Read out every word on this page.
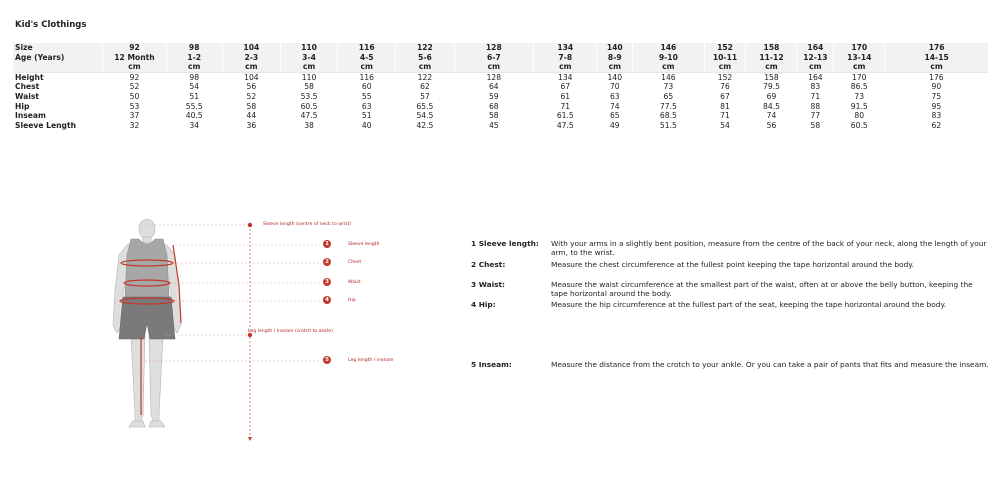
Kid's Clothings
Size	92	98	104	110	116	122	128	134	140	146	152	158	164	170	176
Age (Years)	12 Month	1-2	2-3	3-4	4-5	5-6	6-7	7-8	8-9	9-10	10-11	11-12	12-13	13-14	14-15
	cm	cm	cm	cm	cm	cm	cm	cm	cm	cm	cm	cm	cm	cm	cm
Height	92	98	104	110	116	122	128	134	140	146	152	158	164	170	176
Chest	52	54	56	58	60	62	64	67	70	73	76	79.5	83	86.5	90
Waist	50	51	52	53.5	55	57	59	61	63	65	67	69	71	73	75
Hip	53	55.5	58	60.5	63	65.5	68	71	74	77.5	81	84.5	88	91.5	95
Inseam	37	40.5	44	47.5	51	54.5	58	61.5	65	68.5	71	74	77	80	83
Sleeve Length	32	34	36	38	40	42.5	45	47.5	49	51.5	54	56	58	60.5	62
Sleeve length (centre of neck to wrist)
Leg length / inseam (crotch to ankle)
1	Sleeve length
2	Chest
3	Waist
4	Hip
5	Leg length / inseam
1 Sleeve length: With your arms in a slightly bent position, measure from the centre of the back of your neck, along the length of your arm, to the wrist.
2 Chest:	Measure the chest circumference at the fullest point keeping the tape horizontal around the body.
3 Waist:	Measure the waist circumference at the smallest part of the waist, often at or above the belly button, keeping the tape horizontal around the body.
4 Hip:	Measure the hip circumference at the fullest part of the seat, keeping the tape horizontal around the body.
5 Inseam:	Measure the distance from the crotch to your ankle. Or you can take a pair of pants that fits and measure the inseam.
